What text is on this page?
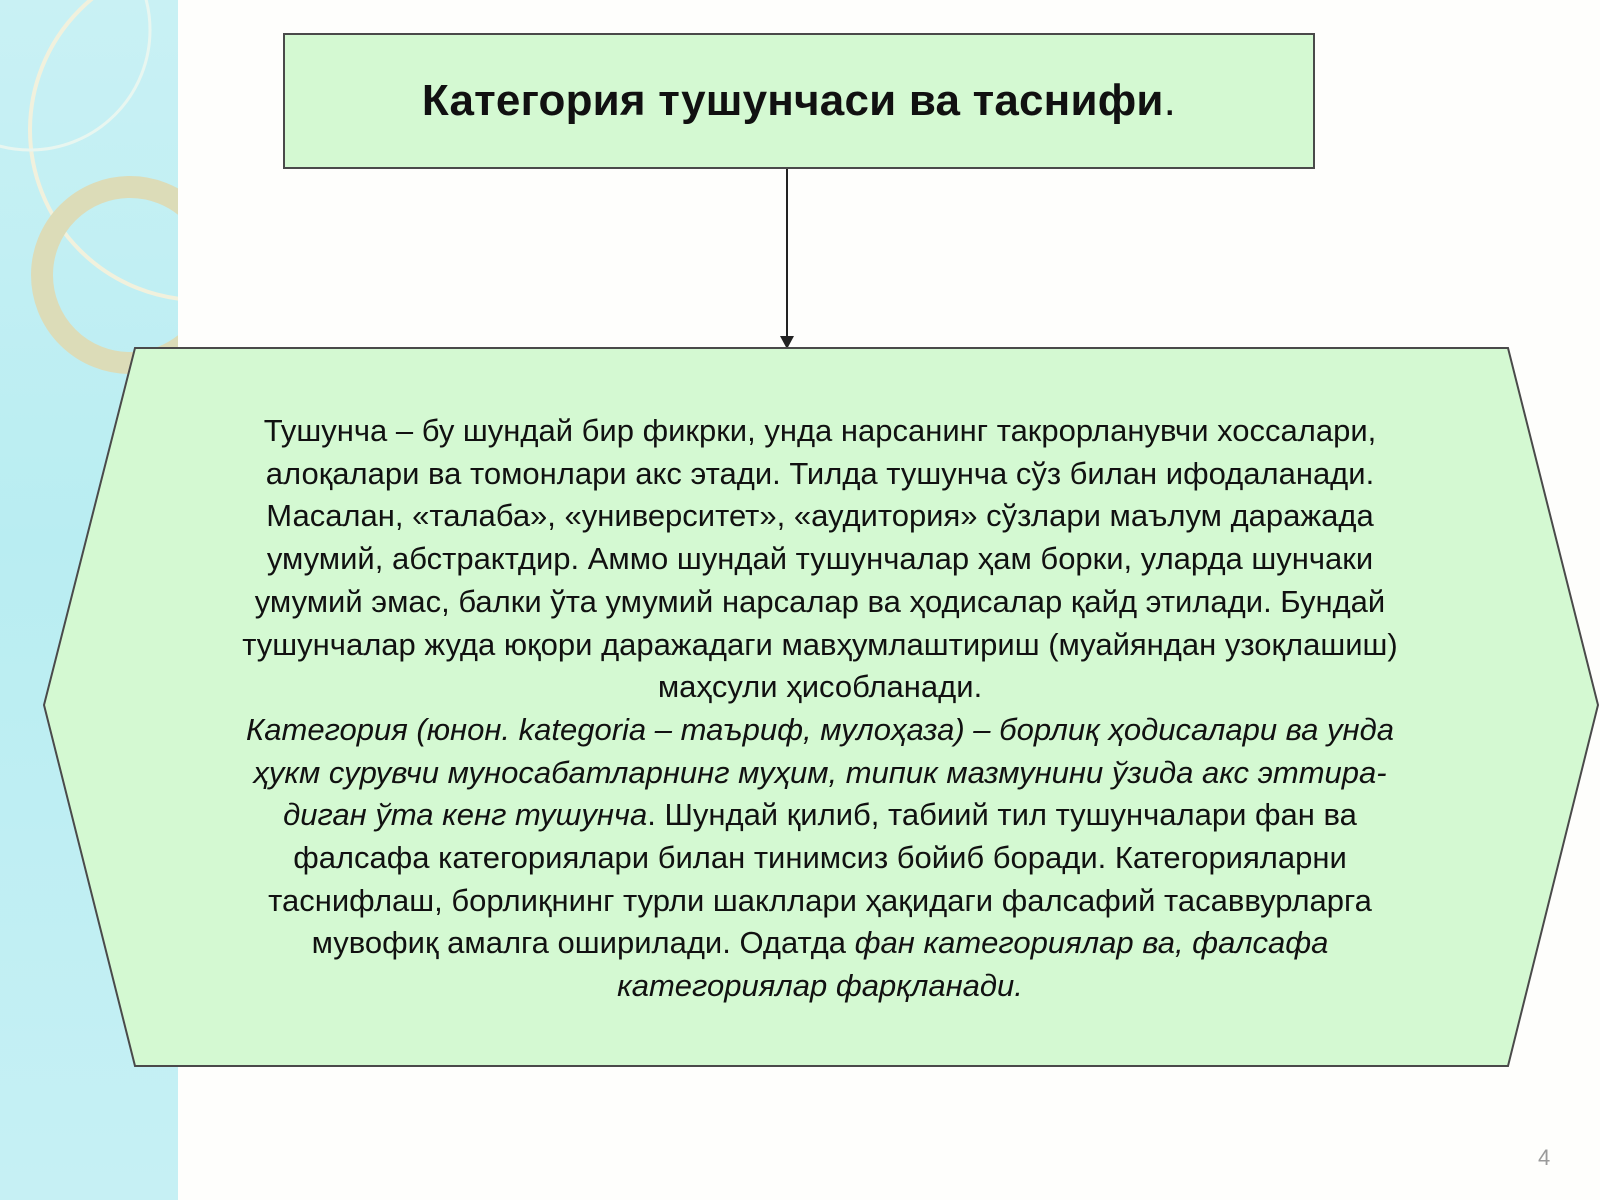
Категория тушунчаси ва таснифи.
Тушунча – бу шундай бир фикрки, унда нарсанинг такрорланувчи хоссалари,
алоқалари ва томонлари акс этади. Тилда тушунча сўз билан ифодаланади.
Масалан, «талаба», «университет», «аудитория» сўзлари маълум даражада
умумий, абстрактдир. Аммо шундай тушунчалар ҳам борки, уларда шунчаки
умумий эмас, балки ўта умумий нарсалар ва ҳодисалар қайд этилади. Бундай
тушунчалар жуда юқори даражадаги мавҳумлаштириш (муайяндан узоқлашиш)
маҳсули ҳисобланади.
Категория (юнон. kategoria – таъриф, мулоҳаза) – борлиқ ҳодисалари ва унда
ҳукм сурувчи муносабатларнинг муҳим, типик мазмунини ўзида акс эттира-
диган ўта кенг тушунча. Шундай қилиб, табиий тил тушунчалари фан ва
фалсафа категориялари билан тинимсиз бойиб боради. Категорияларни
таснифлаш, борлиқнинг турли шакллари ҳақидаги фалсафий тасаввурларга
мувофиқ амалга оширилади. Одатда фан категориялар ва, фалсафа
категориялар фарқланади.
4
